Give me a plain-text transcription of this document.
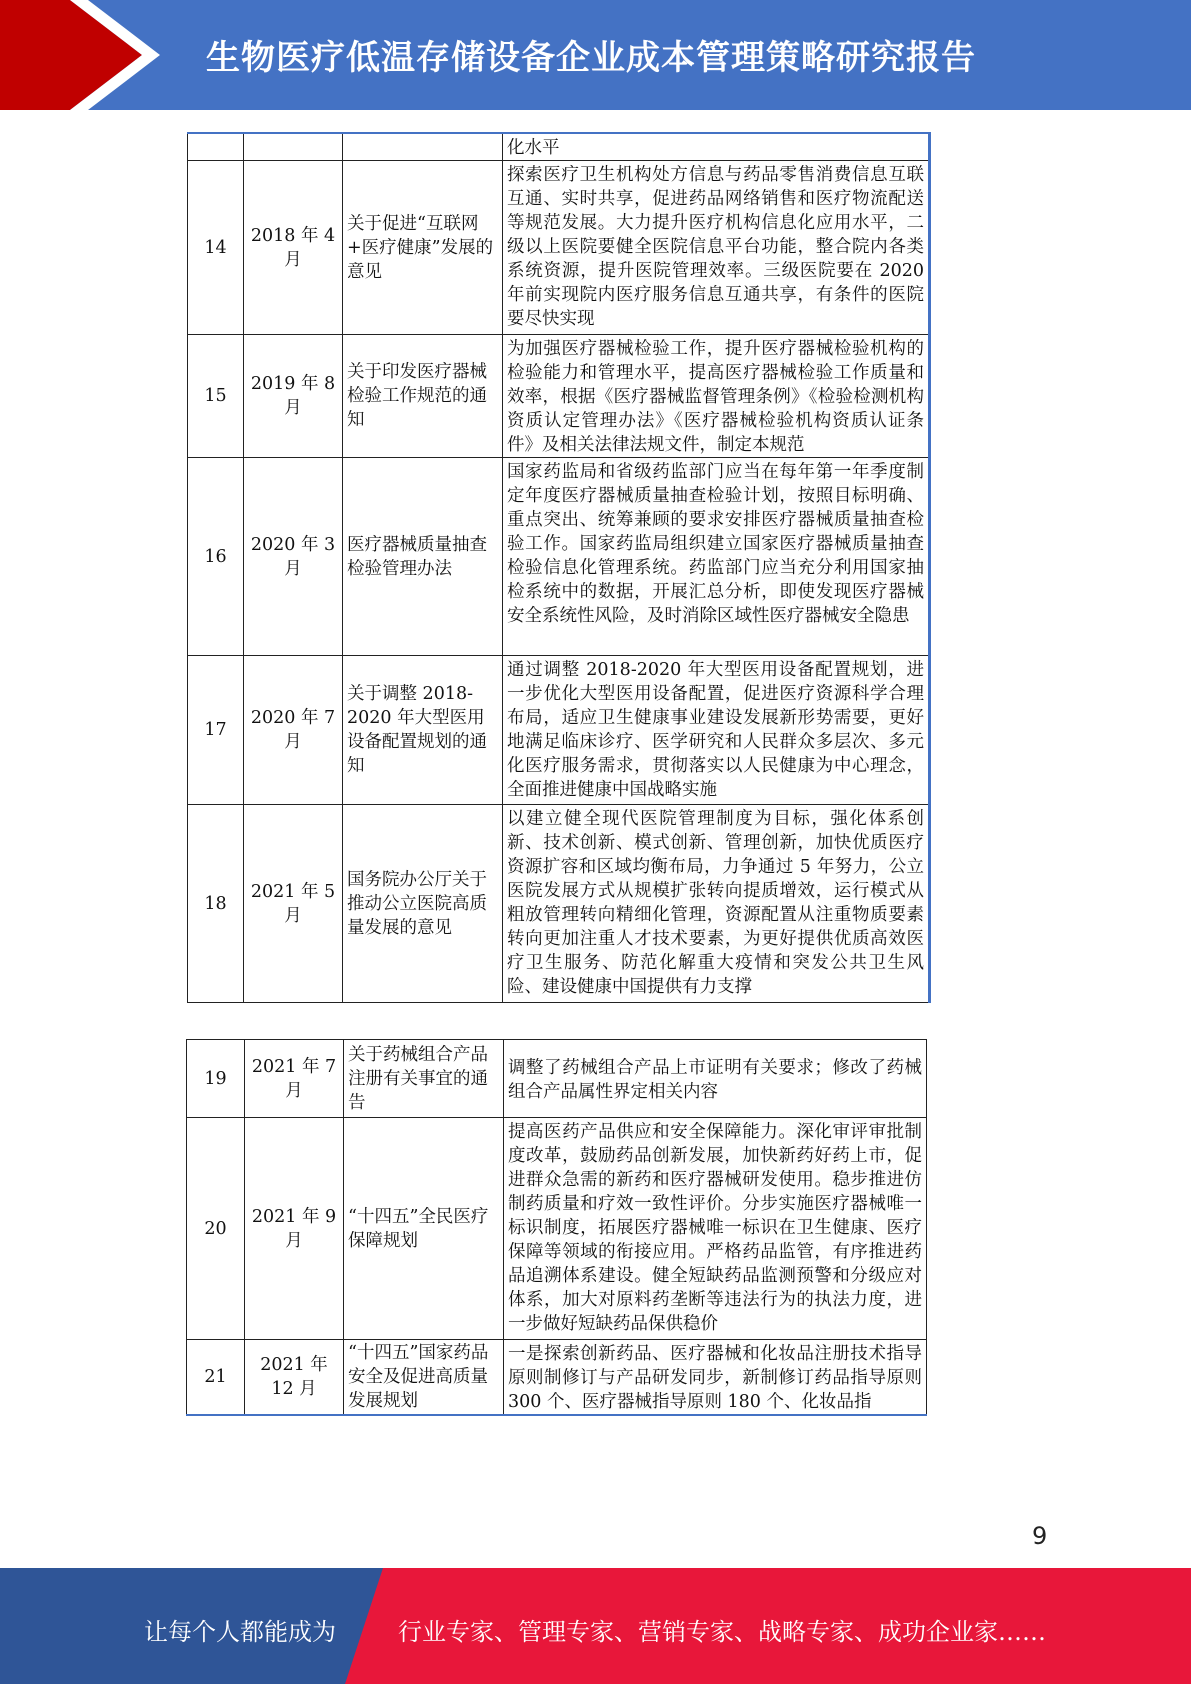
生物医疗低温存储设备企业成本管理策略研究报告
			化水平
14	2018 年 4 月	关于促进“互联网+医疗健康”发展的意见	探索医疗卫生机构处方信息与药品零售消费信息互联互通、实时共享，促进药品网络销售和医疗物流配送等规范发展。大力提升医疗机构信息化应用水平，二级以上医院要健全医院信息平台功能，整合院内各类系统资源，提升医院管理效率。三级医院要在 2020 年前实现院内医疗服务信息互通共享，有条件的医院要尽快实现
15	2019 年 8 月	关于印发医疗器械检验工作规范的通知	为加强医疗器械检验工作，提升医疗器械检验机构的检验能力和管理水平，提高医疗器械检验工作质量和效率，根据《医疗器械监督管理条例》《检验检测机构资质认定管理办法》《医疗器械检验机构资质认证条件》及相关法律法规文件，制定本规范
16	2020 年 3 月	医疗器械质量抽查检验管理办法	国家药监局和省级药监部门应当在每年第一年季度制定年度医疗器械质量抽查检验计划，按照目标明确、重点突出、统筹兼顾的要求安排医疗器械质量抽查检验工作。国家药监局组织建立国家医疗器械质量抽查检验信息化管理系统。药监部门应当充分利用国家抽检系统中的数据，开展汇总分析，即使发现医疗器械安全系统性风险，及时消除区域性医疗器械安全隐患
17	2020 年 7 月	关于调整 2018-2020 年大型医用设备配置规划的通知	通过调整 2018-2020 年大型医用设备配置规划，进一步优化大型医用设备配置，促进医疗资源科学合理布局，适应卫生健康事业建设发展新形势需要，更好地满足临床诊疗、医学研究和人民群众多层次、多元化医疗服务需求，贯彻落实以人民健康为中心理念，全面推进健康中国战略实施
18	2021 年 5 月	国务院办公厅关于推动公立医院高质量发展的意见	以建立健全现代医院管理制度为目标，强化体系创新、技术创新、模式创新、管理创新，加快优质医疗资源扩容和区域均衡布局，力争通过 5 年努力，公立医院发展方式从规模扩张转向提质增效，运行模式从粗放管理转向精细化管理，资源配置从注重物质要素转向更加注重人才技术要素，为更好提供优质高效医疗卫生服务、防范化解重大疫情和突发公共卫生风险、建设健康中国提供有力支撑
19	2021 年 7 月	关于药械组合产品注册有关事宜的通告	调整了药械组合产品上市证明有关要求；修改了药械组合产品属性界定相关内容
20	2021 年 9 月	“十四五”全民医疗保障规划	提高医药产品供应和安全保障能力。深化审评审批制度改革，鼓励药品创新发展，加快新药好药上市，促进群众急需的新药和医疗器械研发使用。稳步推进仿制药质量和疗效一致性评价。分步实施医疗器械唯一标识制度，拓展医疗器械唯一标识在卫生健康、医疗保障等领域的衔接应用。严格药品监管，有序推进药品追溯体系建设。健全短缺药品监测预警和分级应对体系，加大对原料药垄断等违法行为的执法力度，进一步做好短缺药品保供稳价
21	2021 年 12 月	“十四五”国家药品安全及促进高质量发展规划	一是探索创新药品、医疗器械和化妆品注册技术指导原则制修订与产品研发同步，新制修订药品指导原则 300 个、医疗器械指导原则 180 个、化妆品指
9
让每个人都能成为	行业专家、管理专家、营销专家、战略专家、成功企业家……
